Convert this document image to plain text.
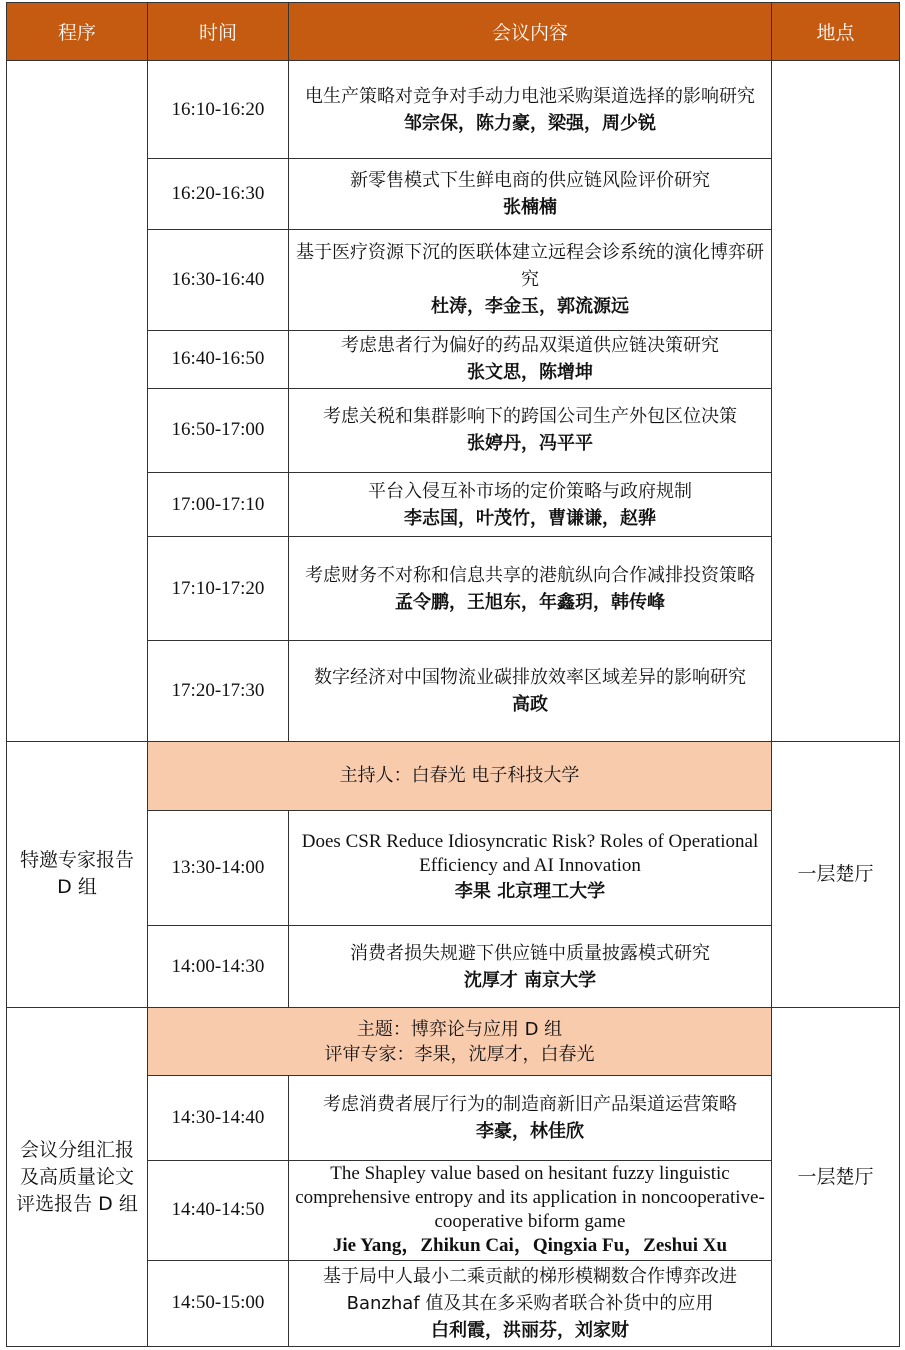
程序	时间	会议内容	地点
	16:10-16:20	电生产策略对竞争对手动力电池采购渠道选择的影响研究
邹宗保，陈力豪，梁强，周少锐	

	16:20-16:30	新零售模式下生鲜电商的供应链风险评价研究
张楠楠	

	16:30-16:40	基于医疗资源下沉的医联体建立远程会诊系统的演化博弈研究
杜涛，李金玉，郭流源远	

	16:40-16:50	考虑患者行为偏好的药品双渠道供应链决策研究
张文思，陈增坤	

	16:50-17:00	考虑关税和集群影响下的跨国公司生产外包区位决策
张婷丹，冯平平	

	17:00-17:10	平台入侵互补市场的定价策略与政府规制
李志国，叶茂竹，曹谦谦，赵骅	

	17:10-17:20	考虑财务不对称和信息共享的港航纵向合作减排投资策略
孟令鹏，王旭东，年鑫玥，韩传峰	

	17:20-17:30	数字经济对中国物流业碳排放效率区域差异的影响研究
高政	

特邀专家报告 D 组	主持人：白春光 电子科技大学		一层楚厅
	13:30-14:00	Does CSR Reduce Idiosyncratic Risk? Roles of Operational Efficiency and AI Innovation
李果 北京理工大学	

	14:00-14:30	消费者损失规避下供应链中质量披露模式研究
沈厚才 南京大学	

会议分组汇报及高质量论文评选报告 D 组	主题：博弈论与应用 D 组
评审专家：李果，沈厚才，白春光		一层楚厅
	14:30-14:40	考虑消费者展厅行为的制造商新旧产品渠道运营策略
李豪，林佳欣	

	14:40-14:50	The Shapley value based on hesitant fuzzy linguistic comprehensive entropy and its application in noncooperative-cooperative biform game
Jie Yang，Zhikun Cai，Qingxia Fu，Zeshui Xu	

	14:50-15:00	基于局中人最小二乘贡献的梯形模糊数合作博弈改进 Banzhaf 值及其在多采购者联合补货中的应用
白利霞，洪丽芬，刘家财	
